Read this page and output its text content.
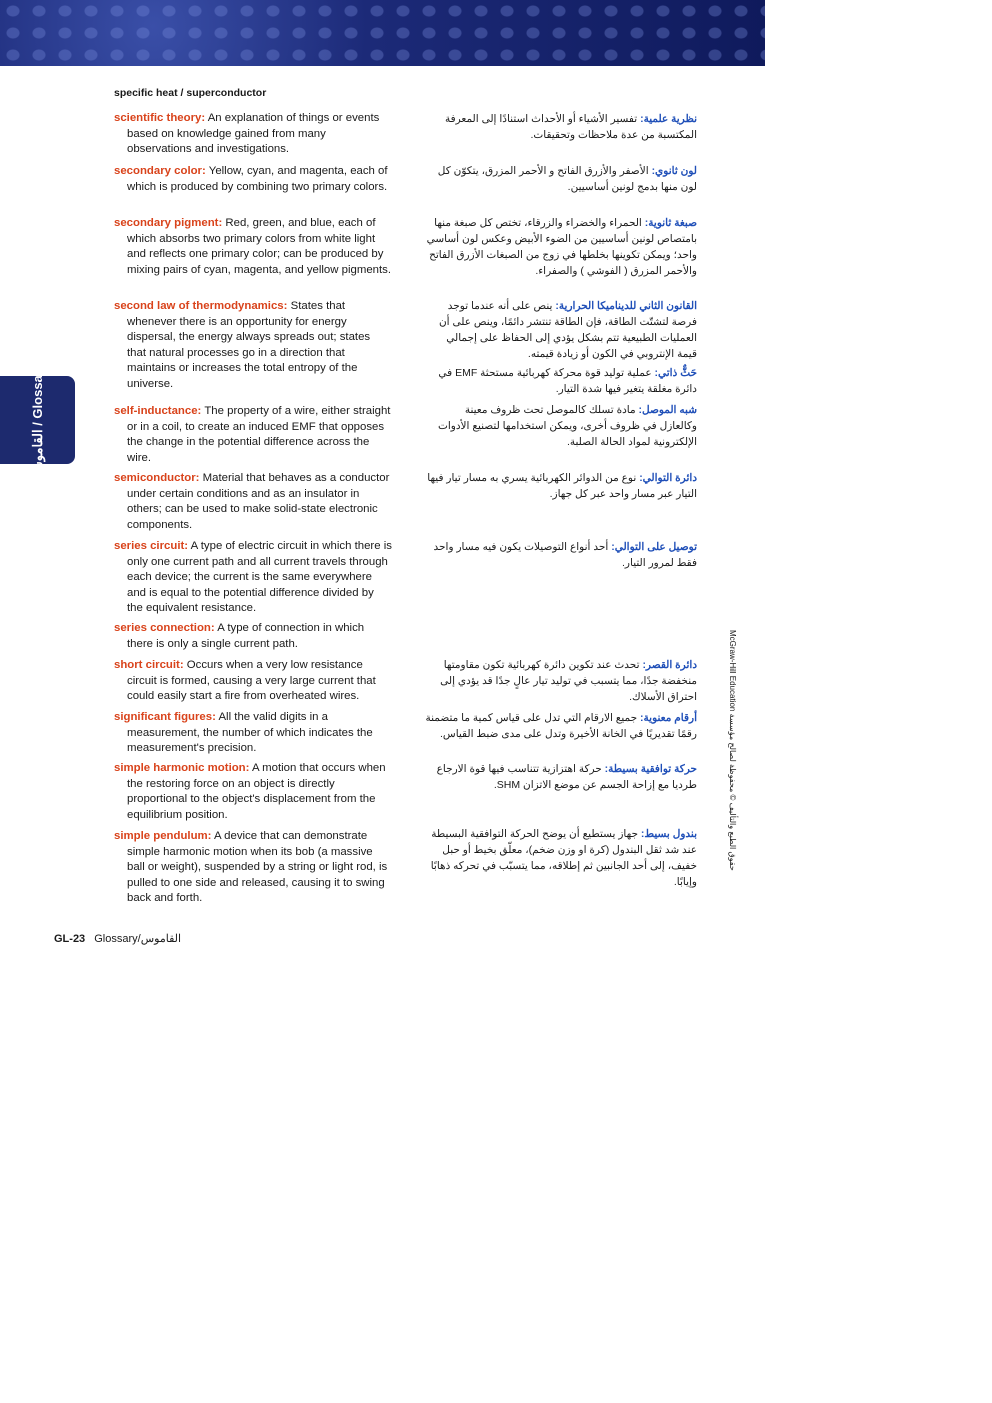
specific heat / superconductor
القاموس / Glossary

scientific theory: An explanation of things or events based on knowledge gained from many observations and investigations.

secondary color: Yellow, cyan, and magenta, each of which is produced by combining two primary colors.

secondary pigment: Red, green, and blue, each of which absorbs two primary colors from white light and reflects one primary color; can be produced by mixing pairs of cyan, magenta, and yellow pigments.

second law of thermodynamics: States that whenever there is an opportunity for energy dispersal, the energy always spreads out; states that natural processes go in a direction that maintains or increases the total entropy of the universe.

self-inductance: The property of a wire, either straight or in a coil, to create an induced EMF that opposes the change in the potential difference across the wire.

semiconductor: Material that behaves as a conductor under certain conditions and as an insulator in others; can be used to make solid-state electronic components.

series circuit: A type of electric circuit in which there is only one current path and all current travels through each device; the current is the same everywhere and is equal to the potential difference divided by the equivalent resistance.

series connection: A type of connection in which there is only a single current path.

short circuit: Occurs when a very low resistance circuit is formed, causing a very large current that could easily start a fire from overheated wires.

significant figures: All the valid digits in a measurement, the number of which indicates the measurement's precision.

simple harmonic motion: A motion that occurs when the restoring force on an object is directly proportional to the object's displacement from the equilibrium position.

simple pendulum: A device that can demonstrate simple harmonic motion when its bob (a massive ball or weight), suspended by a string or light rod, is pulled to one side and released, causing it to swing back and forth.

نظرية علمية: تفسير الأشياء أو الأحداث استنادًا إلى المعرفة المكتسبة من عدة ملاحظات وتحقيقات.

لون ثانوي: الأصفر والأزرق الفاتح و الأحمر المزرق، يتكوّن كل لون منها بدمج لونين أساسيين.

صبغة ثانوية: الحمراء والخضراء والزرقاء، تختص كل صبغة منها بامتصاص لونين أساسيين من الضوء الأبيض وعكس لون أساسي واحد؛ ويمكن تكوينها بخلطها في زوج من الصبغات الأزرق الفاتح والأحمر المزرق ( الفوشي ) والصفراء.

القانون الثاني للديناميكا الحرارية: ينص على أنه عندما توجد فرصة لتشتّت الطاقة، فإن الطاقة تنتشر دائمًا، وينص على أن العمليات الطبيعية تتم بشكل يؤدي إلى الحفاظ على إجمالي قيمة الإنتروبي في الكون أو زيادة قيمته.

حَثٌّ ذاتي: عملية توليد قوة محركة كهربائية مستحثة EMF في دائرة مغلقة يتغير فيها شدة التيار.

شبه الموصل: مادة تسلك كالموصل تحت ظروف معينة وكالعازل في ظروف أخرى، ويمكن استخدامها لتصنيع الأدوات الإلكترونية لمواد الحالة الصلبة.

دائرة التوالي: نوع من الدوائر الكهربائية يسري به مسار تيار فيها التيار عبر مسار واحد عبر كل جهاز.

توصيل على التوالي: أحد أنواع التوصيلات يكون فيه مسار واحد فقط لمرور التيار.

دائرة القصر: تحدث عند تكوين دائرة كهربائية تكون مقاومتها منخفضة جدًا، مما يتسبب في توليد تيار عالٍ جدًا قد يؤدي إلى احتراق الأسلاك.

أرقام معنوية: جميع الارقام التي تدل على قياس كمية ما متضمنة رقمًا تقديريًا في الخانة الأخيرة وتدل على مدى ضبط القياس.

حركة توافقية بسيطة: حركة اهتزازية تتناسب فيها قوة الارجاع طرديا مع إزاحة الجسم عن موضع الاتزان SHM.

بندول بسيط: جهاز يستطيع أن يوضح الحركة التوافقية البسيطة عند شد ثقل البندول (كرة او وزن ضخم)، معلّق بخيط أو حبل خفيف، إلى أحد الجانبين ثم إطلاقه، مما يتسبّب في تحركه ذهابًا وإيابًا.

McGraw-Hill Education حقوق الطبع والتأليف © محفوظة لصالح مؤسسة
GL-23 Glossary/القاموس
